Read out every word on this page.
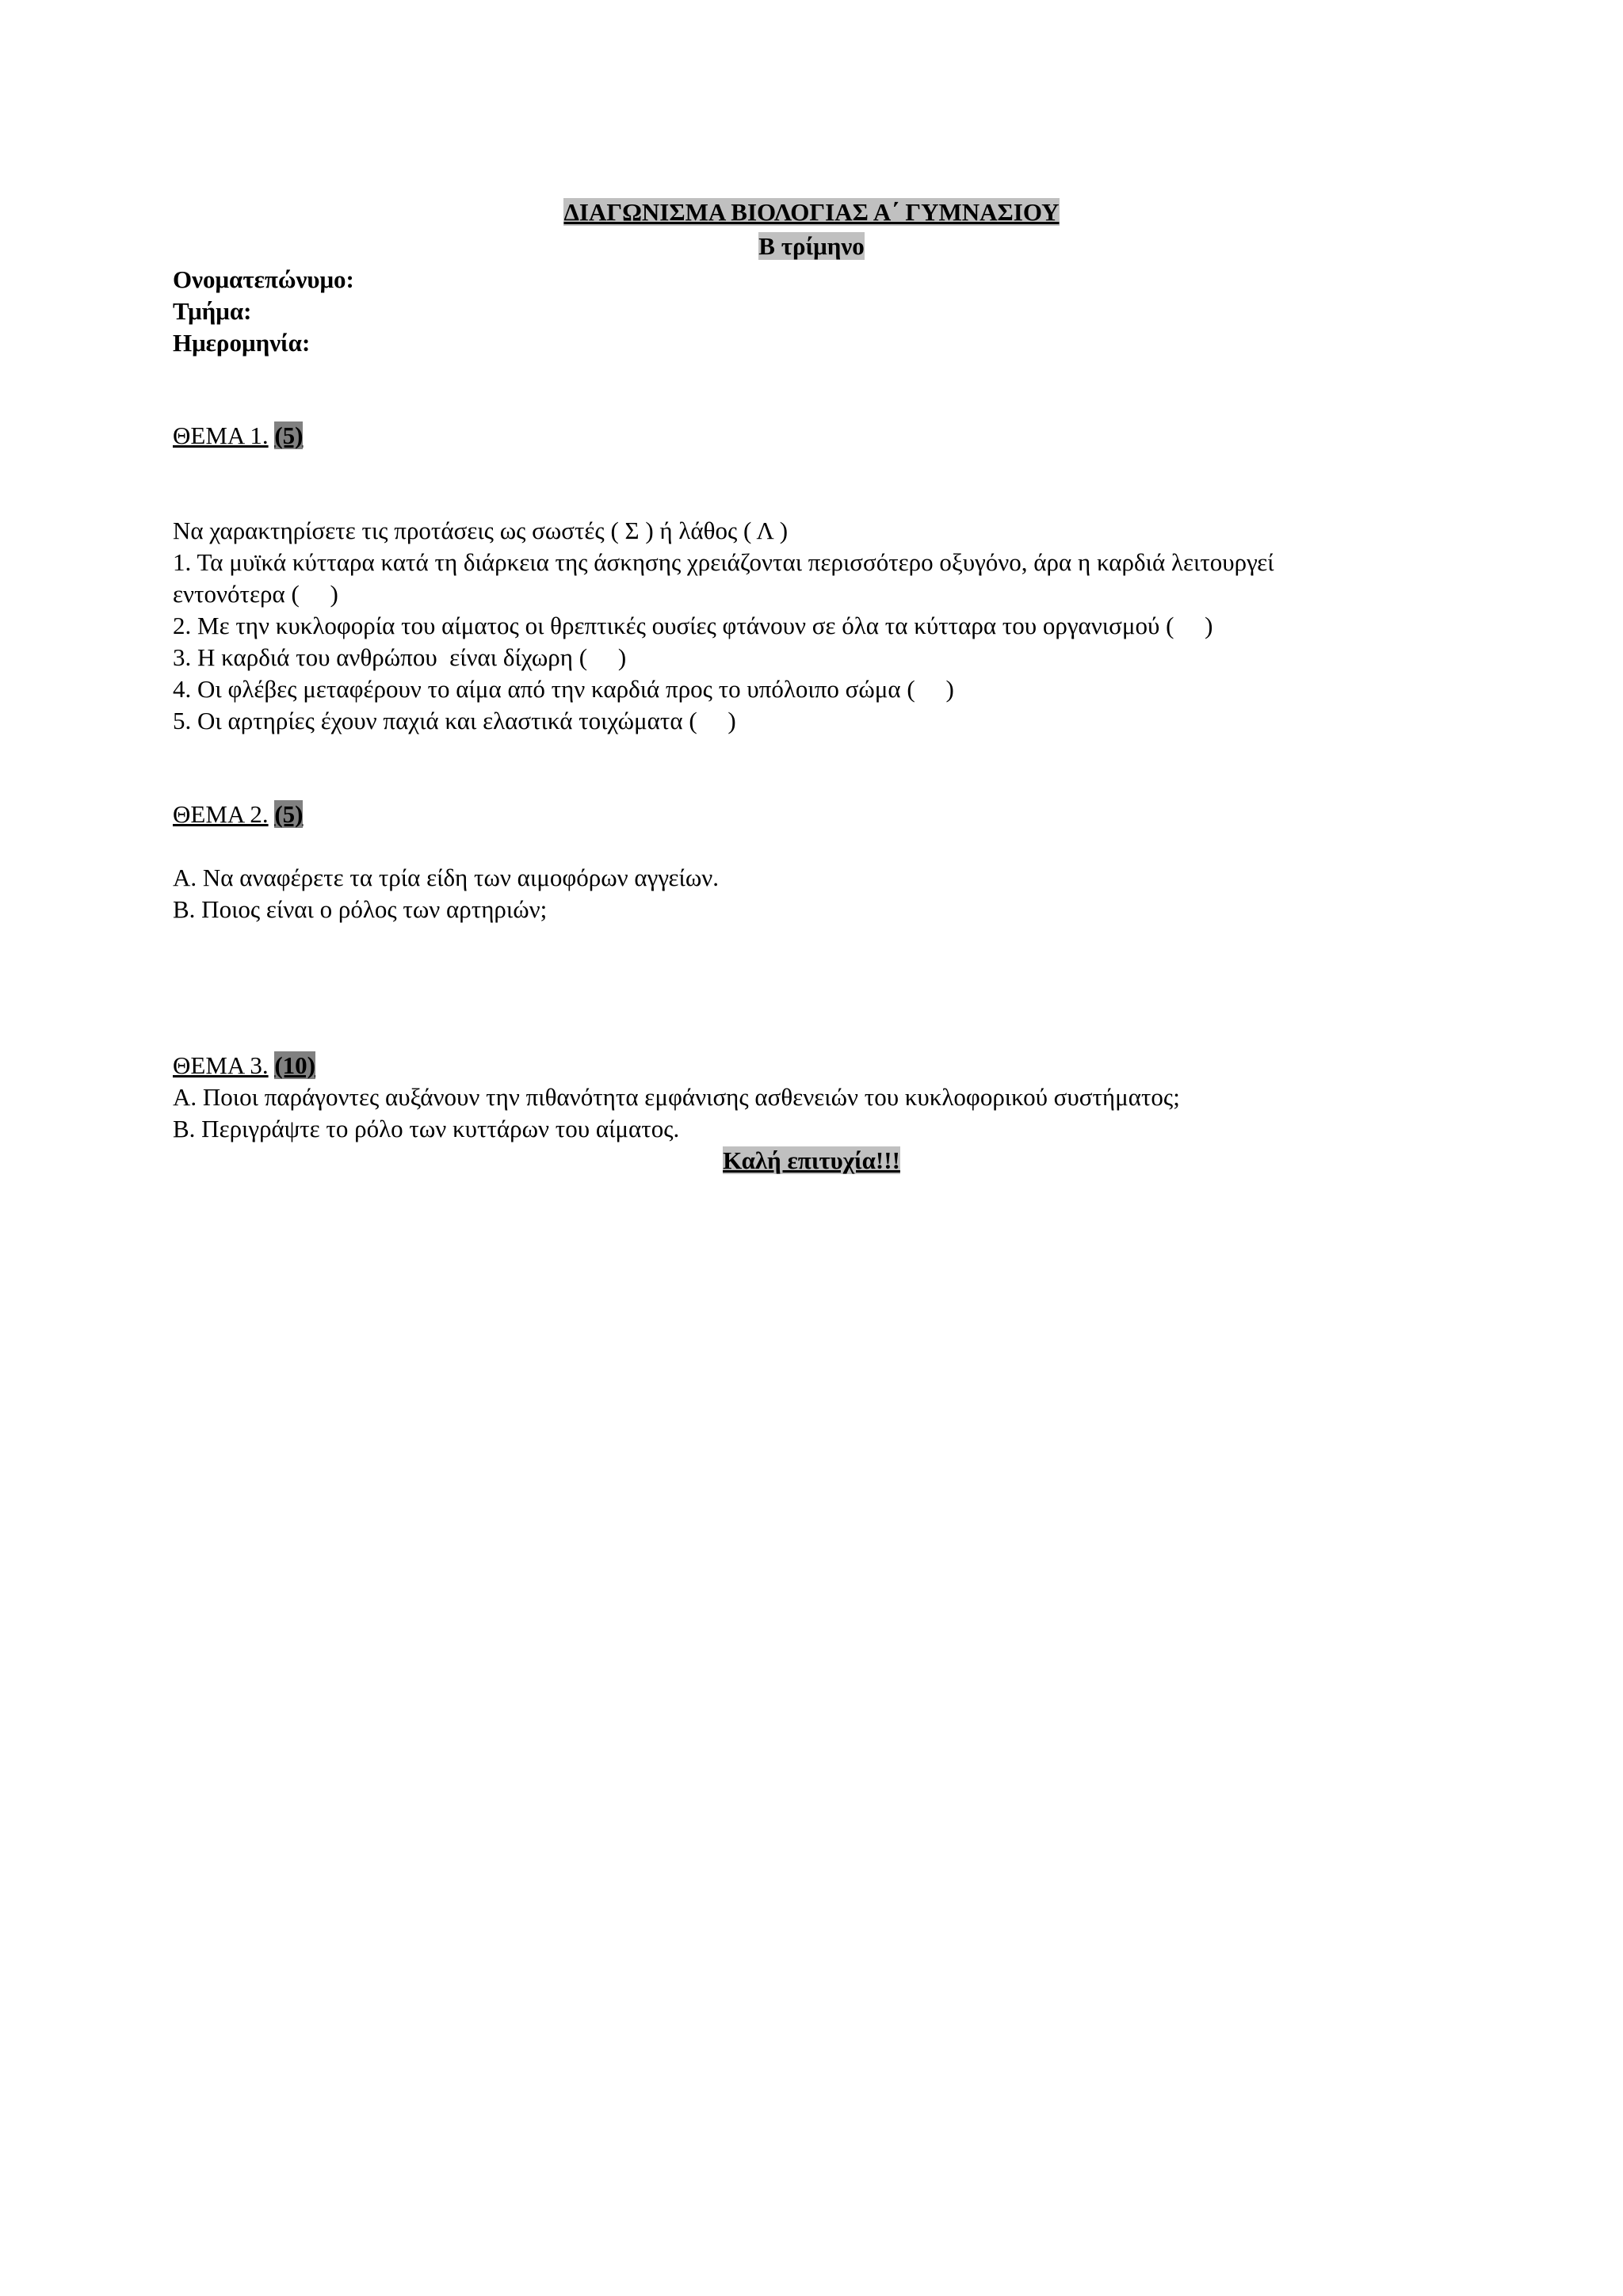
ΔΙΑΓΩΝΙΣΜΑ ΒΙΟΛΟΓΙΑΣ Α΄ ΓΥΜΝΑΣΙΟΥ
Β τρίμηνο
Ονοματεπώνυμο:
Τμήμα:
Ημερομηνία:
ΘΕΜΑ 1. (5)
Να χαρακτηρίσετε τις προτάσεις ως σωστές ( Σ ) ή λάθος ( Λ )
1. Τα μυϊκά κύτταρα κατά τη διάρκεια της άσκησης χρειάζονται περισσότερο οξυγόνο, άρα η καρδιά λειτουργεί
εντονότερα (     )
2. Με την κυκλοφορία του αίματος οι θρεπτικές ουσίες φτάνουν σε όλα τα κύτταρα του οργανισμού (     )
3. Η καρδιά του ανθρώπου  είναι δίχωρη (     )
4. Οι φλέβες μεταφέρουν το αίμα από την καρδιά προς το υπόλοιπο σώμα (     )
5. Οι αρτηρίες έχουν παχιά και ελαστικά τοιχώματα (     )
ΘΕΜΑ 2. (5)
Α. Να αναφέρετε τα τρία είδη των αιμοφόρων αγγείων.
Β. Ποιος είναι ο ρόλος των αρτηριών;
ΘΕΜΑ 3. (10)
Α. Ποιοι παράγοντες αυξάνουν την πιθανότητα εμφάνισης ασθενειών του κυκλοφορικού συστήματος;
Β. Περιγράψτε το ρόλο των κυττάρων του αίματος.
Καλή επιτυχία!!!
